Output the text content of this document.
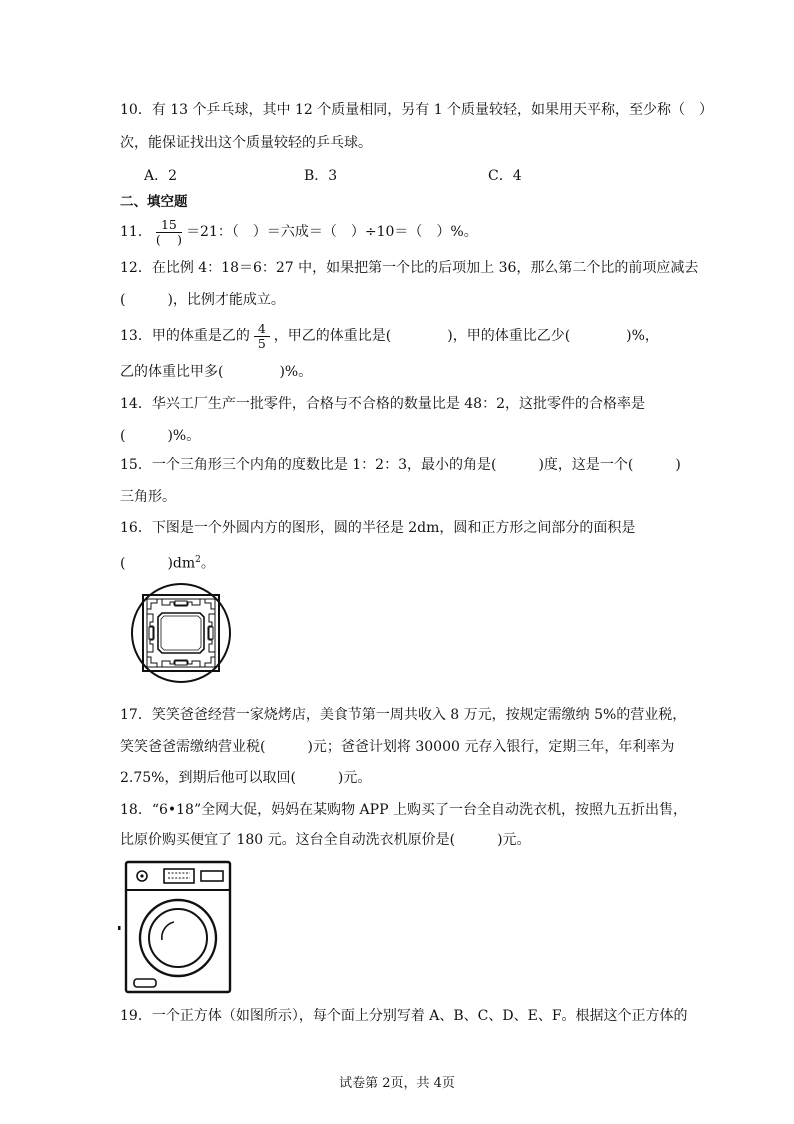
10．有 13 个乒乓球，其中 12 个质量相同，另有 1 个质量较轻，如果用天平称，至少称（　）
次，能保证找出这个质量较轻的乒乓球。
A．2	B．3	C．4
二、填空题
11． $\frac{15}{( )} =21$：（　）＝六成＝（　）÷10＝（　）%。
12．在比例 4：18＝6：27 中，如果把第一个比的后项加上 36，那么第二个比的前项应减去
(　　　)，比例才能成立。
13．甲的体重是乙的 $\frac{4}{5}$ ，甲乙的体重比是(　　　　)，甲的体重比乙少(　　　　)%，
乙的体重比甲多(　　　　)%。
14．华兴工厂生产一批零件，合格与不合格的数量比是 48：2，这批零件的合格率是
(　　　)%。
15．一个三角形三个内角的度数比是 1：2：3，最小的角是(　　　)度，这是一个(　　　)
三角形。
16．下图是一个外圆内方的图形，圆的半径是 2dm，圆和正方形之间部分的面积是
(　　　)$dm^2$。
17．笑笑爸爸经营一家烧烤店，美食节第一周共收入 8 万元，按规定需缴纳 5%的营业税，
笑笑爸爸需缴纳营业税(　　　)元；爸爸计划将 30000 元存入银行，定期三年，年利率为
2.75%，到期后他可以取回(　　　)元。
18．“6•18”全网大促，妈妈在某购物 APP 上购买了一台全自动洗衣机，按照九五折出售，
比原价购买便宜了 180 元。这台全自动洗衣机原价是(　　　)元。
19．一个正方体（如图所示），每个面上分别写着 A、B、C、D、E、F。根据这个正方体的
试卷第 2页，共 4页
